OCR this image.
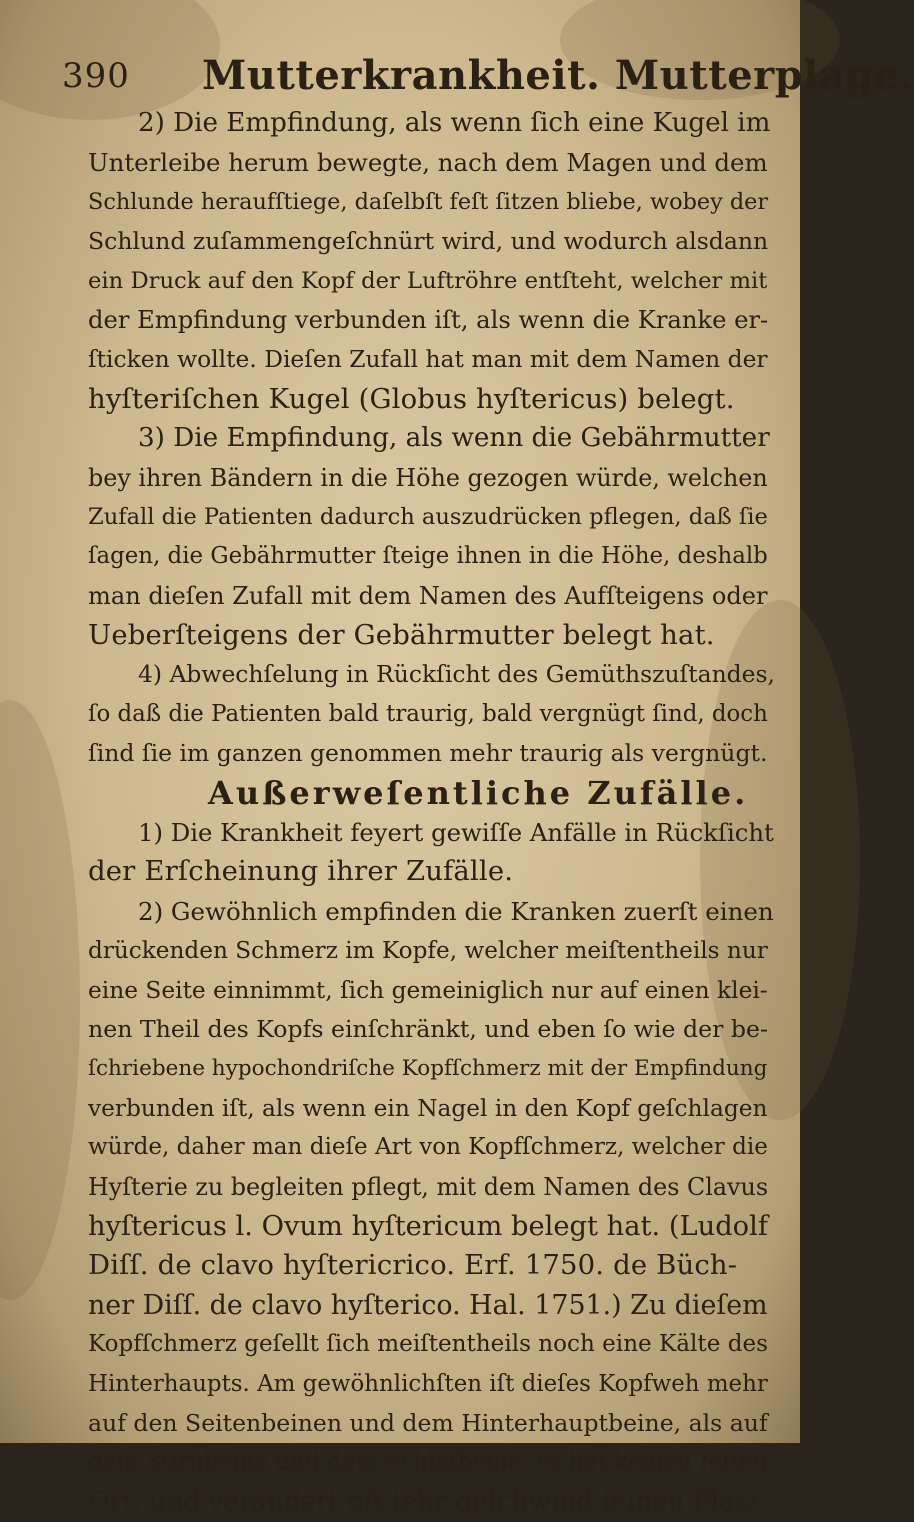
390 Mutterkrankheit. Mutterplage.
2) Die Empfindung, als wenn ſich eine Kugel im
Unterleibe herum bewegte, nach dem Magen und dem
Schlunde heraufſtiege, daſelbſt feſt ſitzen bliebe, wobey der
Schlund zuſammengeſchnürt wird, und wodurch alsdann
ein Druck auf den Kopf der Luftröhre entſteht, welcher mit
der Empfindung verbunden iſt, als wenn die Kranke er-
ſticken wollte. Dieſen Zufall hat man mit dem Namen der
hyſteriſchen Kugel (Globus hyſtericus) belegt.
3) Die Empfindung, als wenn die Gebährmutter
bey ihren Bändern in die Höhe gezogen würde, welchen
Zufall die Patienten dadurch auszudrücken pflegen, daß ſie
ſagen, die Gebährmutter ſteige ihnen in die Höhe, deshalb
man dieſen Zufall mit dem Namen des Aufſteigens oder
Ueberſteigens der Gebährmutter belegt hat.
4) Abwechſelung in Rückſicht des Gemüthszuſtandes,
ſo daß die Patienten bald traurig, bald vergnügt ſind, doch
ſind ſie im ganzen genommen mehr traurig als vergnügt.
Außerweſentliche Zufälle.
1) Die Krankheit feyert gewiſſe Anfälle in Rückſicht
der Erſcheinung ihrer Zufälle.
2) Gewöhnlich empfinden die Kranken zuerſt einen
drückenden Schmerz im Kopfe, welcher meiſtentheils nur
eine Seite einnimmt, ſich gemeiniglich nur auf einen klei-
nen Theil des Kopfs einſchränkt, und eben ſo wie der be-
ſchriebene hypochondriſche Kopfſchmerz mit der Empfindung
verbunden iſt, als wenn ein Nagel in den Kopf geſchlagen
würde, daher man dieſe Art von Kopfſchmerz, welcher die
Hyſterie zu begleiten pflegt, mit dem Namen des Clavus
hyſtericus l. Ovum hyſtericum belegt hat. (Ludolf
Diſſ. de clavo hyſtericrico. Erf. 1750. de Büch-
ner Diſſ. de clavo hyſterico. Hal. 1751.) Zu dieſem
Kopfſchmerz geſellt ſich meiſtentheils noch eine Kälte des
Hinterhaupts. Am gewöhnlichſten iſt dieſes Kopfweh mehr
auf den Seitenbeinen und dem Hinterhauptbeine, als auf
dem Stirnbeine und dem Schlafbeine, es hat keinen feſten
Ort, und verändert oft ſehr geſchwind ſeinen Platz.
